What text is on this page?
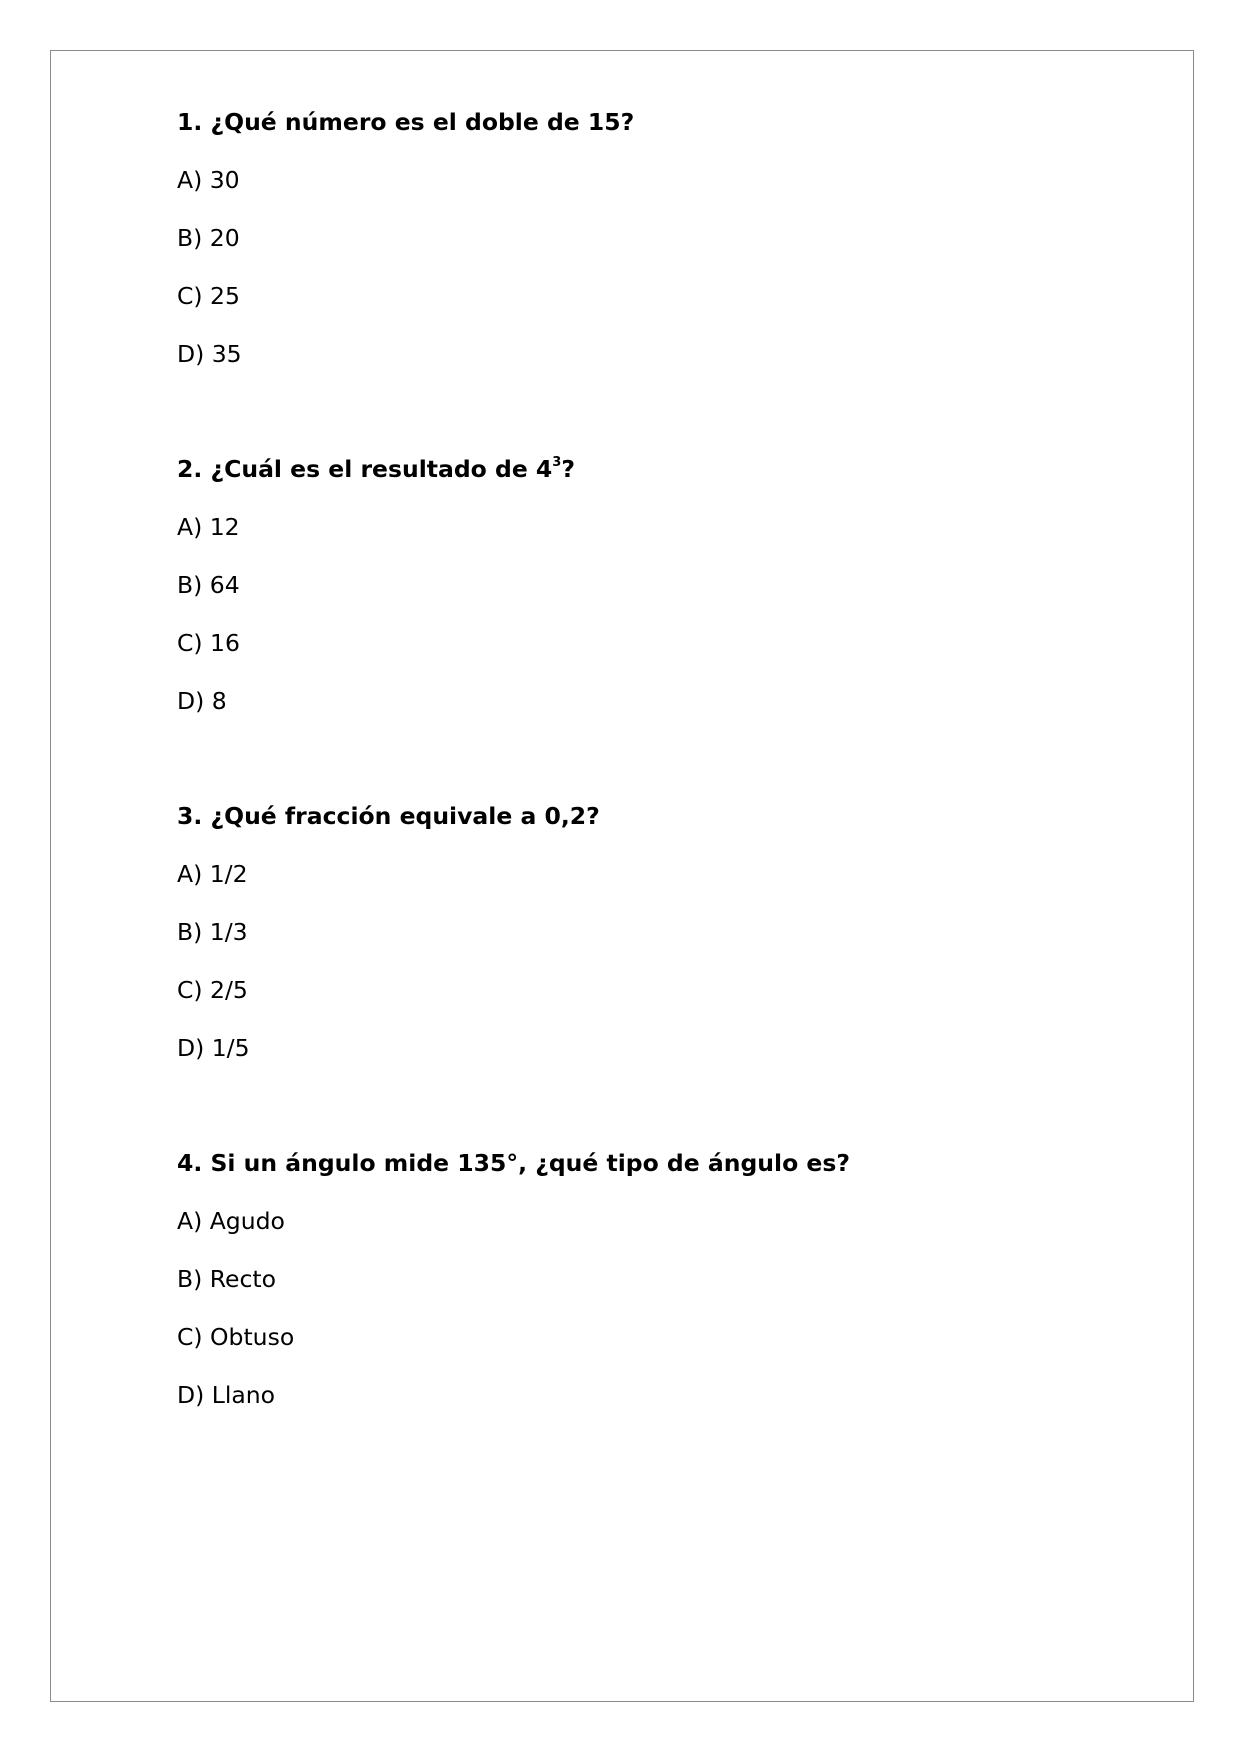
1. ¿Qué número es el doble de 15?

A) 30
B) 20
C) 25
D) 35

2. ¿Cuál es el resultado de $4^3$?

A) 12
B) 64
C) 16
D) 8

3. ¿Qué fracción equivale a 0,2?

A) 1/2
B) 1/3
C) 2/5
D) 1/5

4. Si un ángulo mide 135°, ¿qué tipo de ángulo es?

A) Agudo
B) Recto
C) Obtuso
D) Llano
